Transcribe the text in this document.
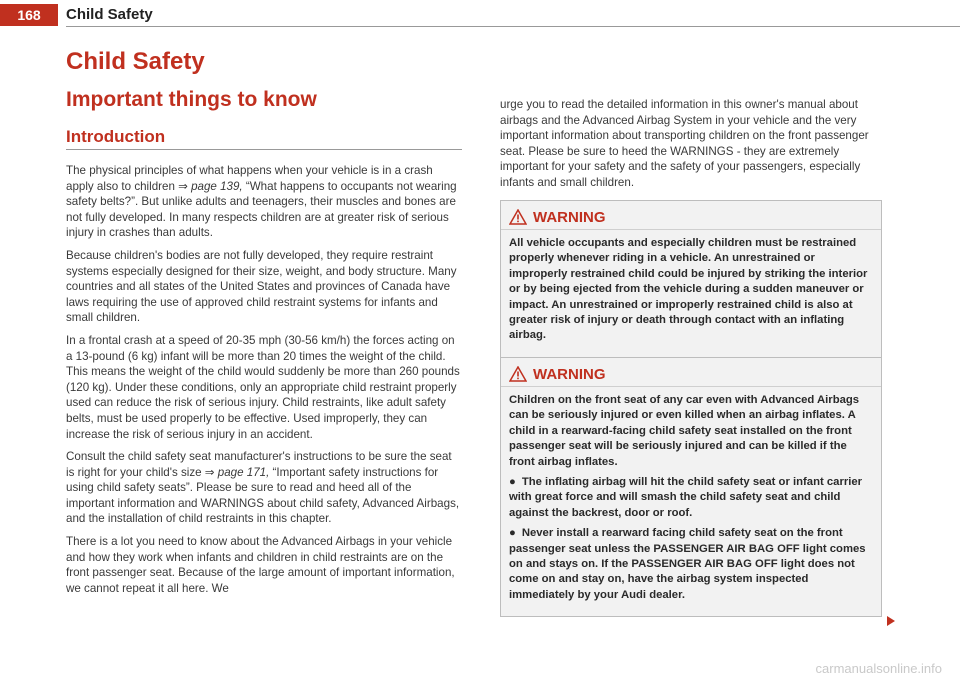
168	Child Safety
Child Safety
Important things to know
Introduction

The physical principles of what happens when your vehicle is in a crash apply also to children ⇒ page 139, “What happens to occupants not wearing safety belts?”. But unlike adults and teenagers, their muscles and bones are not fully developed. In many respects children are at greater risk of serious injury in crashes than adults.

Because children's bodies are not fully developed, they require restraint systems especially designed for their size, weight, and body structure. Many countries and all states of the United States and provinces of Canada have laws requiring the use of approved child restraint systems for infants and small children.

In a frontal crash at a speed of 20-35 mph (30-56 km/h) the forces acting on a 13-pound (6 kg) infant will be more than 20 times the weight of the child. This means the weight of the child would suddenly be more than 260 pounds (120 kg). Under these conditions, only an appropriate child restraint properly used can reduce the risk of serious injury. Child restraints, like adult safety belts, must be used properly to be effective. Used improperly, they can increase the risk of serious injury in an accident.

Consult the child safety seat manufacturer's instructions to be sure the seat is right for your child's size ⇒ page 171, “Important safety instructions for using child safety seats”. Please be sure to read and heed all of the important information and WARNINGS about child safety, Advanced Airbags, and the installation of child restraints in this chapter.

There is a lot you need to know about the Advanced Airbags in your vehicle and how they work when infants and children in child restraints are on the front passenger seat. Because of the large amount of important information, we cannot repeat it all here. We

urge you to read the detailed information in this owner's manual about airbags and the Advanced Airbag System in your vehicle and the very important information about transporting children on the front passenger seat. Please be sure to heed the WARNINGS - they are extremely important for your safety and the safety of your passengers, especially infants and small children.

WARNING

All vehicle occupants and especially children must be restrained properly whenever riding in a vehicle. An unrestrained or improperly restrained child could be injured by striking the interior or by being ejected from the vehicle during a sudden maneuver or impact. An unrestrained or improperly restrained child is also at greater risk of injury or death through contact with an inflating airbag.

WARNING

Children on the front seat of any car even with Advanced Airbags can be seriously injured or even killed when an airbag inflates. A child in a rearward-facing child safety seat installed on the front passenger seat will be seriously injured and can be killed if the front airbag inflates.

● The inflating airbag will hit the child safety seat or infant carrier with great force and will smash the child safety seat and child against the backrest, door or roof.

● Never install a rearward facing child safety seat on the front passenger seat unless the PASSENGER AIR BAG OFF light comes on and stays on. If the PASSENGER AIR BAG OFF light does not come on and stay on, have the airbag system inspected immediately by your Audi dealer.

carmanualsonline.info
